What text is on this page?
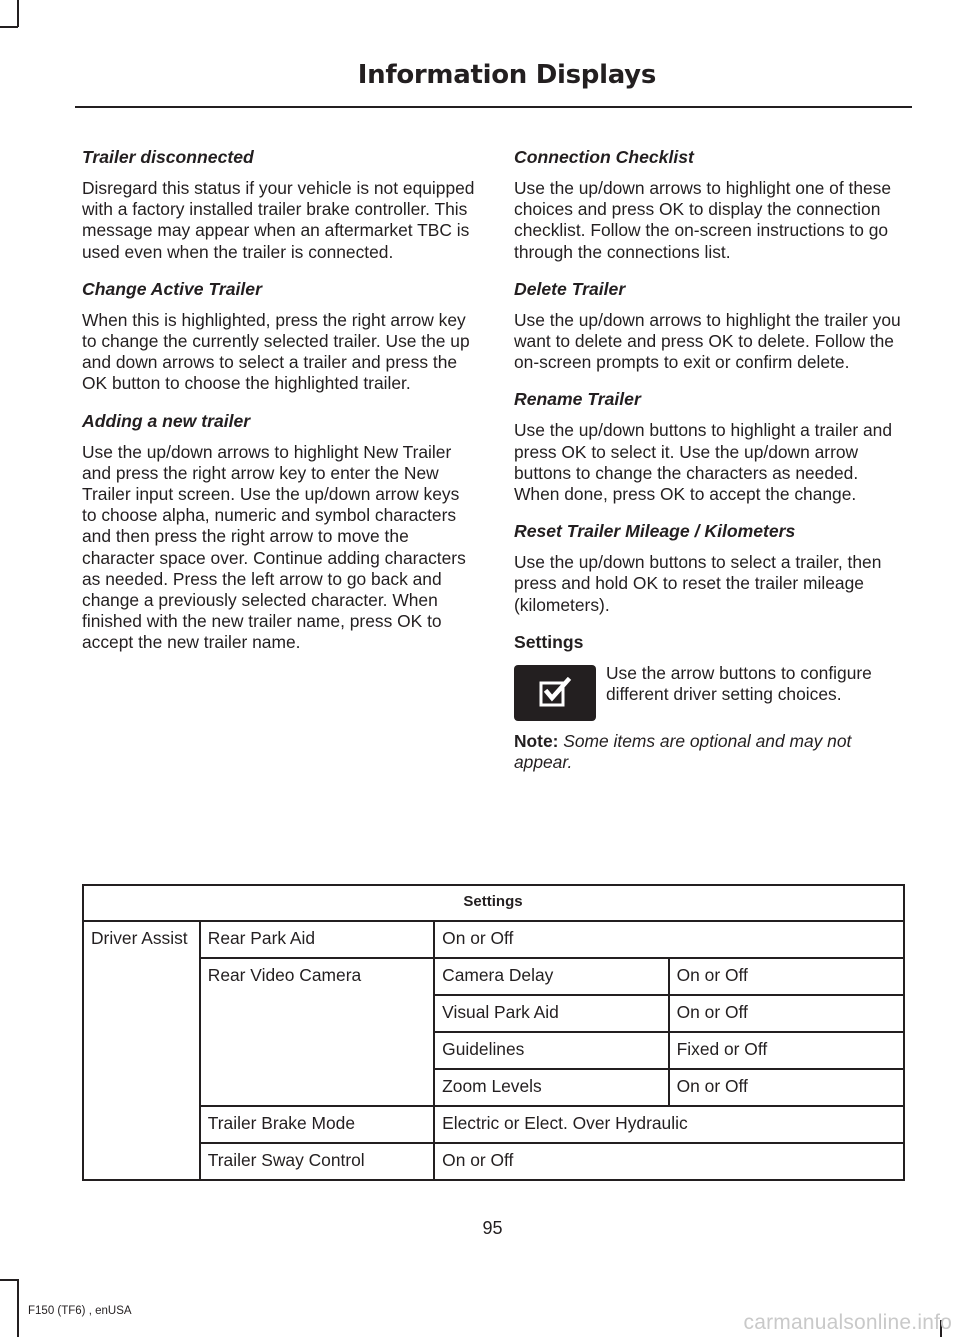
Information Displays
Trailer disconnected

Disregard this status if your vehicle is not equipped with a factory installed trailer brake controller. This message may appear when an aftermarket TBC is used even when the trailer is connected.

Change Active Trailer

When this is highlighted, press the right arrow key to change the currently selected trailer. Use the up and down arrows to select a trailer and press the OK button to choose the highlighted trailer.

Adding a new trailer

Use the up/down arrows to highlight New Trailer and press the right arrow key to enter the New Trailer input screen. Use the up/down arrow keys to choose alpha, numeric and symbol characters and then press the right arrow to move the character space over. Continue adding characters as needed. Press the left arrow to go back and change a previously selected character. When finished with the new trailer name, press OK to accept the new trailer name.

Connection Checklist

Use the up/down arrows to highlight one of these choices and press OK to display the connection checklist. Follow the on-screen instructions to go through the connections list.

Delete Trailer

Use the up/down arrows to highlight the trailer you want to delete and press OK to delete. Follow the on-screen prompts to exit or confirm delete.

Rename Trailer

Use the up/down buttons to highlight a trailer and press OK to select it. Use the up/down arrow buttons to change the characters as needed. When done, press OK to accept the change.

Reset Trailer Mileage / Kilometers

Use the up/down buttons to select a trailer, then press and hold OK to reset the trailer mileage (kilometers).

Settings

Use the arrow buttons to configure different driver setting choices.

Note: Some items are optional and may not appear.

Settings			
Driver Assist	Rear Park Aid	On or Off	
	Rear Video Camera	Camera Delay	On or Off
		Visual Park Aid	On or Off
		Guidelines	Fixed or Off
		Zoom Levels	On or Off
	Trailer Brake Mode	Electric or Elect. Over Hydraulic	
	Trailer Sway Control	On or Off	
95
F150 (TF6) , enUSA	carmanualsonline.info
